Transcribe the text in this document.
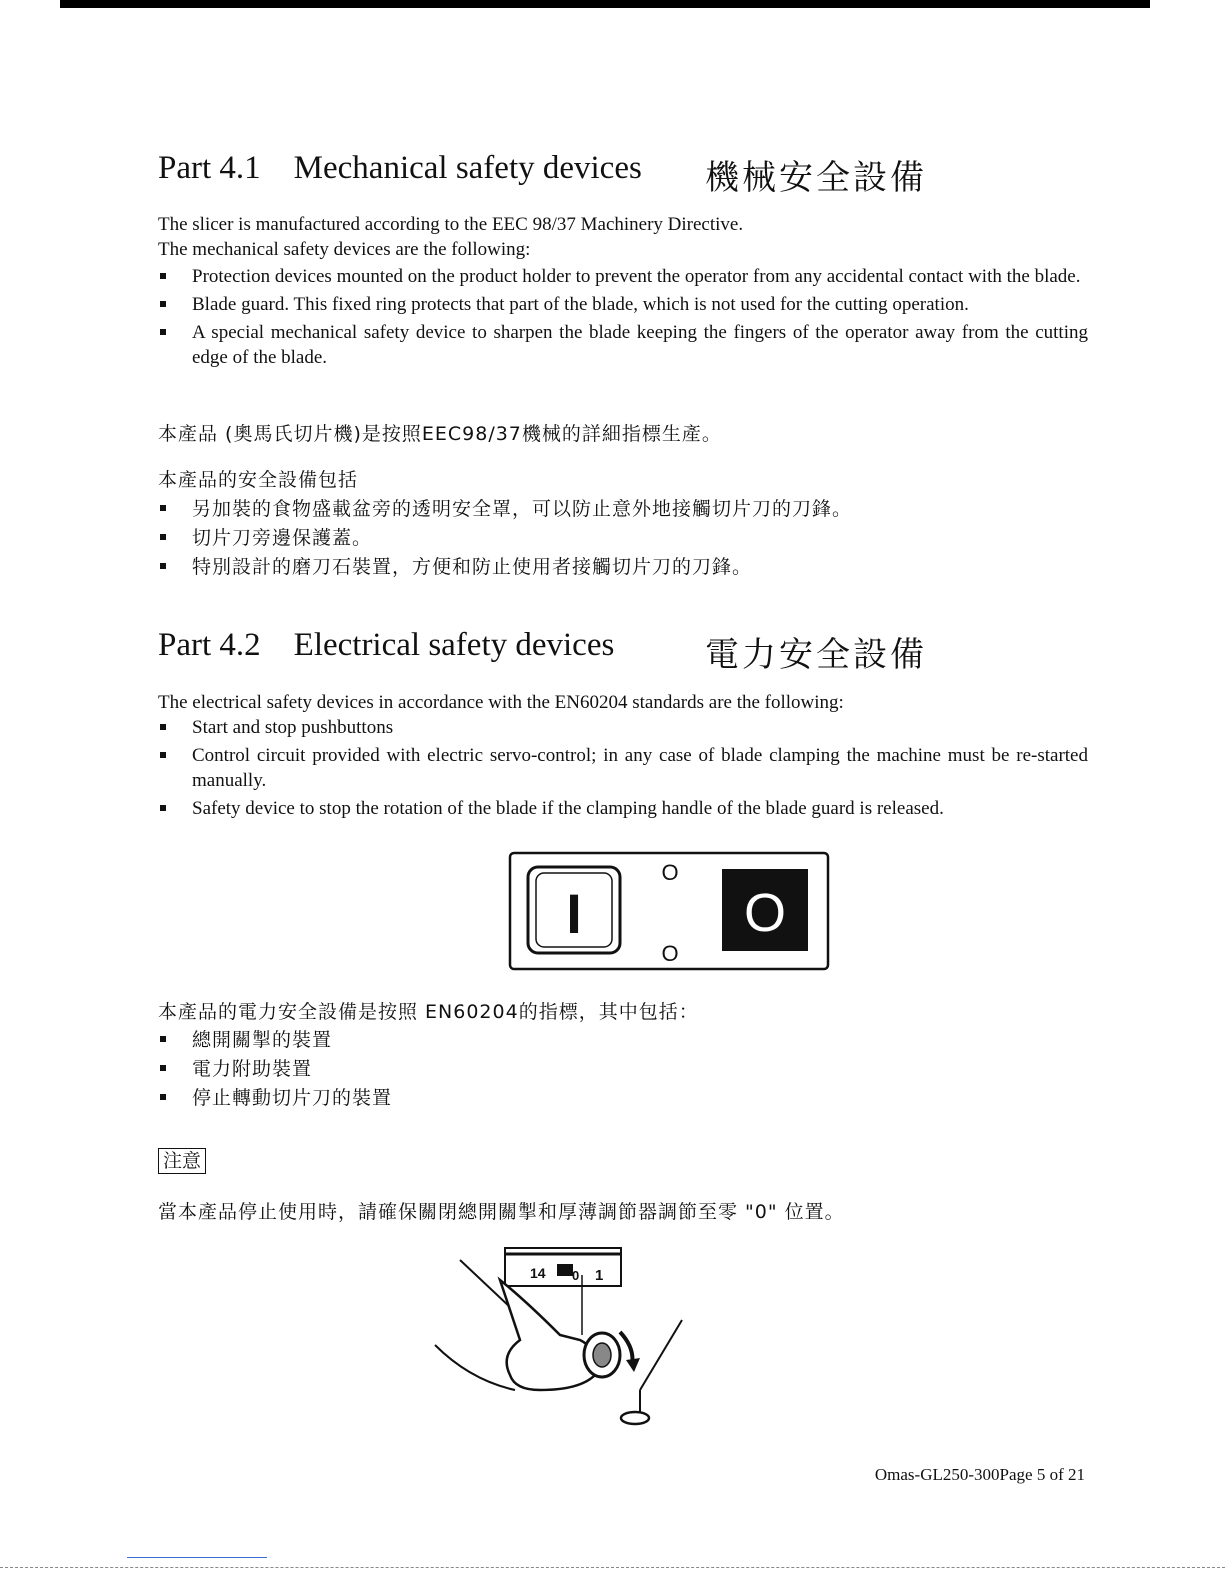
Part 4.1    Mechanical safety devices 機械安全設備
The slicer is manufactured according to the EEC 98/37 Machinery Directive.
The mechanical safety devices are the following:
Protection devices mounted on the product holder to prevent the operator from any accidental contact with the blade.
Blade guard. This fixed ring protects that part of the blade, which is not used for the cutting operation.
A special mechanical safety device to sharpen the blade keeping the fingers of the operator away from the cutting edge of the blade.
本產品 (奧馬氏切片機)是按照EEC98/37機械的詳細指標生產。
本產品的安全設備包括
另加裝的食物盛載盆旁的透明安全罩，可以防止意外地接觸切片刀的刀鋒。
切片刀旁邊保護蓋。
特別設計的磨刀石裝置，方便和防止使用者接觸切片刀的刀鋒。
Part 4.2    Electrical safety devices	電力安全設備
The electrical safety devices in accordance with the EN60204 standards are the following:
Start and stop pushbuttons
Control circuit provided with electric servo-control; in any case of blade clamping the machine must be re-started manually.
Safety device to stop the rotation of the blade if the clamping handle of the blade guard is released.
I
O
O
O
本產品的電力安全設備是按照 EN60204的指標，其中包括：
總開關掣的裝置
電力附助裝置
停止轉動切片刀的裝置
注意
當本產品停止使用時，請確保關閉總開關掣和厚薄調節器調節至零 "0" 位置。
14 0 1
Omas-GL250-300Page 5 of 21
